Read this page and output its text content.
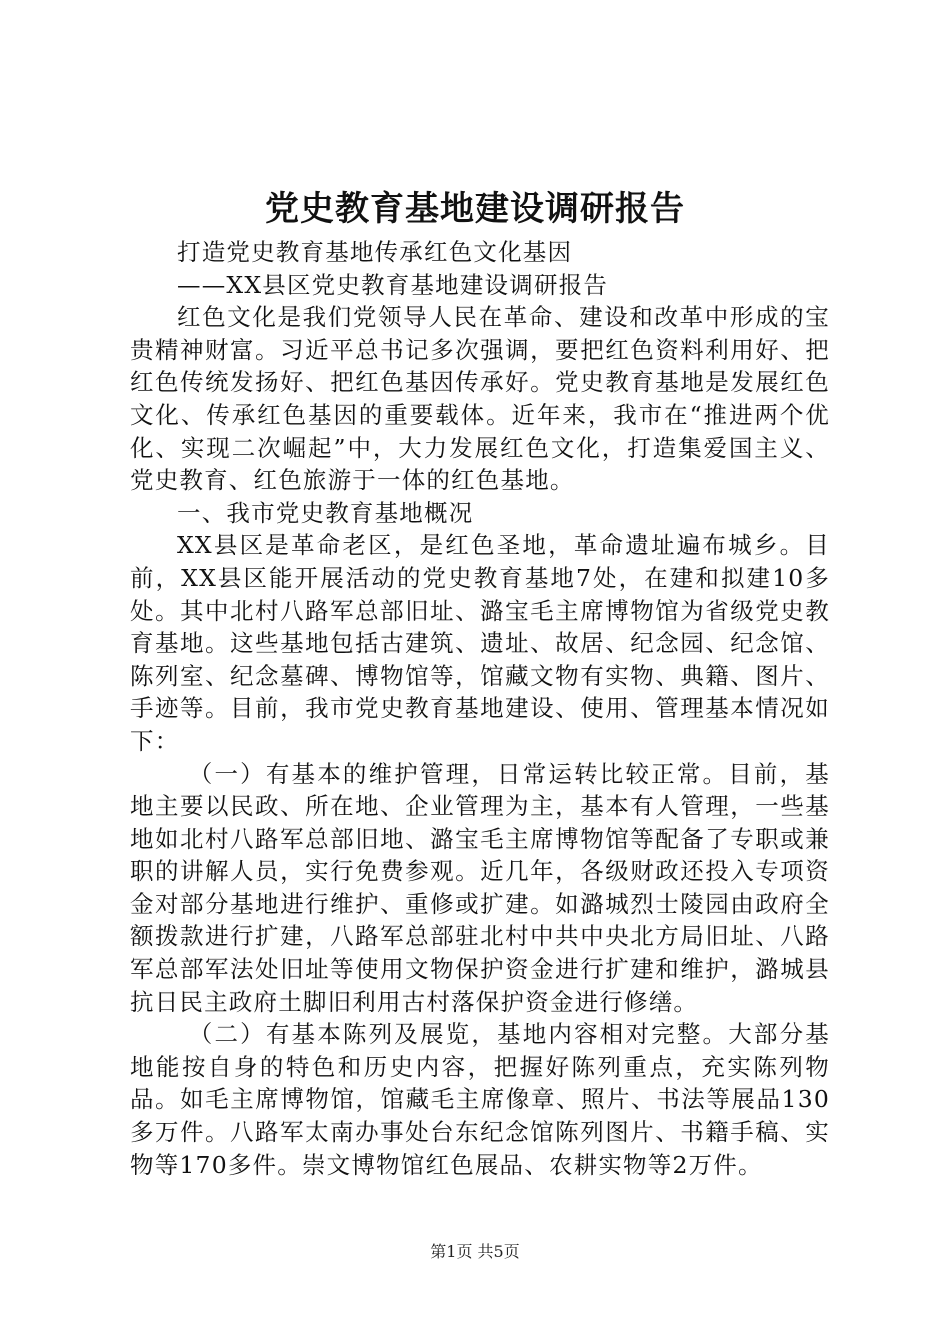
党史教育基地建设调研报告

打造党史教育基地传承红色文化基因

——XX县区党史教育基地建设调研报告

红色文化是我们党领导人民在革命、建设和改革中形成的宝贵精神财富。习近平总书记多次强调，要把红色资料利用好、把红色传统发扬好、把红色基因传承好。党史教育基地是发展红色文化、传承红色基因的重要载体。近年来，我市在“推进两个优化、实现二次崛起”中，大力发展红色文化，打造集爱国主义、党史教育、红色旅游于一体的红色基地。

一、我市党史教育基地概况

XX县区是革命老区，是红色圣地，革命遗址遍布城乡。目前，XX县区能开展活动的党史教育基地7处，在建和拟建10多处。其中北村八路军总部旧址、潞宝毛主席博物馆为省级党史教育基地。这些基地包括古建筑、遗址、故居、纪念园、纪念馆、陈列室、纪念墓碑、博物馆等，馆藏文物有实物、典籍、图片、手迹等。目前，我市党史教育基地建设、使用、管理基本情况如下：

（一）有基本的维护管理，日常运转比较正常。目前，基地主要以民政、所在地、企业管理为主，基本有人管理，一些基地如北村八路军总部旧地、潞宝毛主席博物馆等配备了专职或兼职的讲解人员，实行免费参观。近几年，各级财政还投入专项资金对部分基地进行维护、重修或扩建。如潞城烈士陵园由政府全额拨款进行扩建，八路军总部驻北村中共中央北方局旧址、八路军总部军法处旧址等使用文物保护资金进行扩建和维护，潞城县抗日民主政府土脚旧利用古村落保护资金进行修缮。

（二）有基本陈列及展览，基地内容相对完整。大部分基地能按自身的特色和历史内容，把握好陈列重点，充实陈列物品。如毛主席博物馆，馆藏毛主席像章、照片、书法等展品130多万件。八路军太南办事处台东纪念馆陈列图片、书籍手稿、实物等170多件。崇文博物馆红色展品、农耕实物等2万件。

第1页 共5页
